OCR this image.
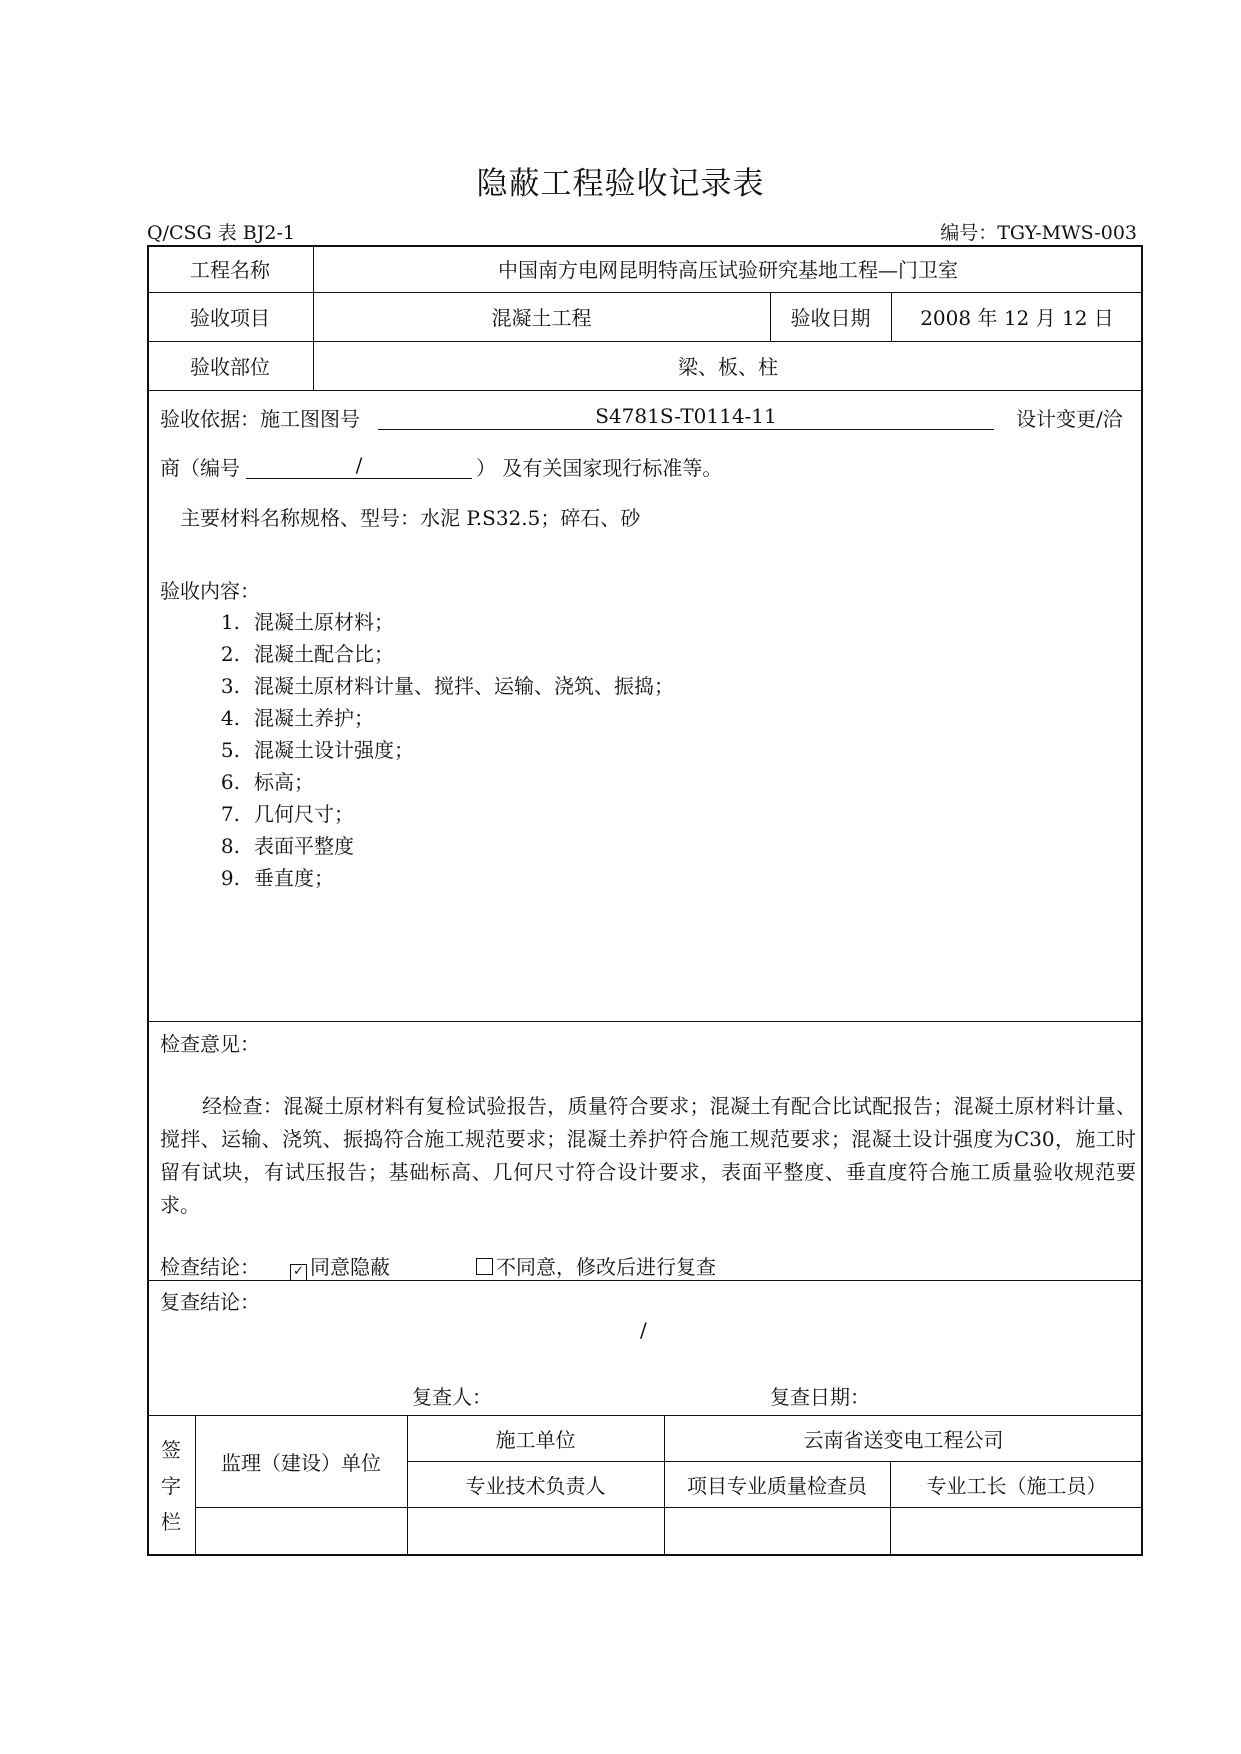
隐蔽工程验收记录表
Q/CSG 表 BJ2-1	编号：TGY-MWS-003
工程名称	中国南方电网昆明特高压试验研究基地工程—门卫室
验收项目	混凝土工程	验收日期	2008 年 12 月 12 日
验收部位	梁、板、柱
验收依据：施工图图号	S4781S-T0114-11	设计变更/洽
商（编号	/	） 及有关国家现行标准等。
主要材料名称规格、型号：水泥 P.S32.5；碎石、砂
验收内容：
1. 混凝土原材料；
2. 混凝土配合比；
3. 混凝土原材料计量、搅拌、运输、浇筑、振捣；
4. 混凝土养护；
5. 混凝土设计强度；
6. 标高；
7. 几何尺寸；
8. 表面平整度
9. 垂直度；
检查意见：
经检查：混凝土原材料有复检试验报告，质量符合要求；混凝土有配合比试配报告；混凝土原材料计量、搅拌、运输、浇筑、振捣符合施工规范要求；混凝土养护符合施工规范要求；混凝土设计强度为C30，施工时留有试块，有试压报告；基础标高、几何尺寸符合设计要求，表面平整度、垂直度符合施工质量验收规范要求。
检查结论：	✓ 同意隐蔽	不同意，修改后进行复查
复查结论：
/
复查人：	复查日期：
签
字
栏
监理（建设）单位
施工单位	云南省送变电工程公司
专业技术负责人	项目专业质量检查员	专业工长（施工员）
